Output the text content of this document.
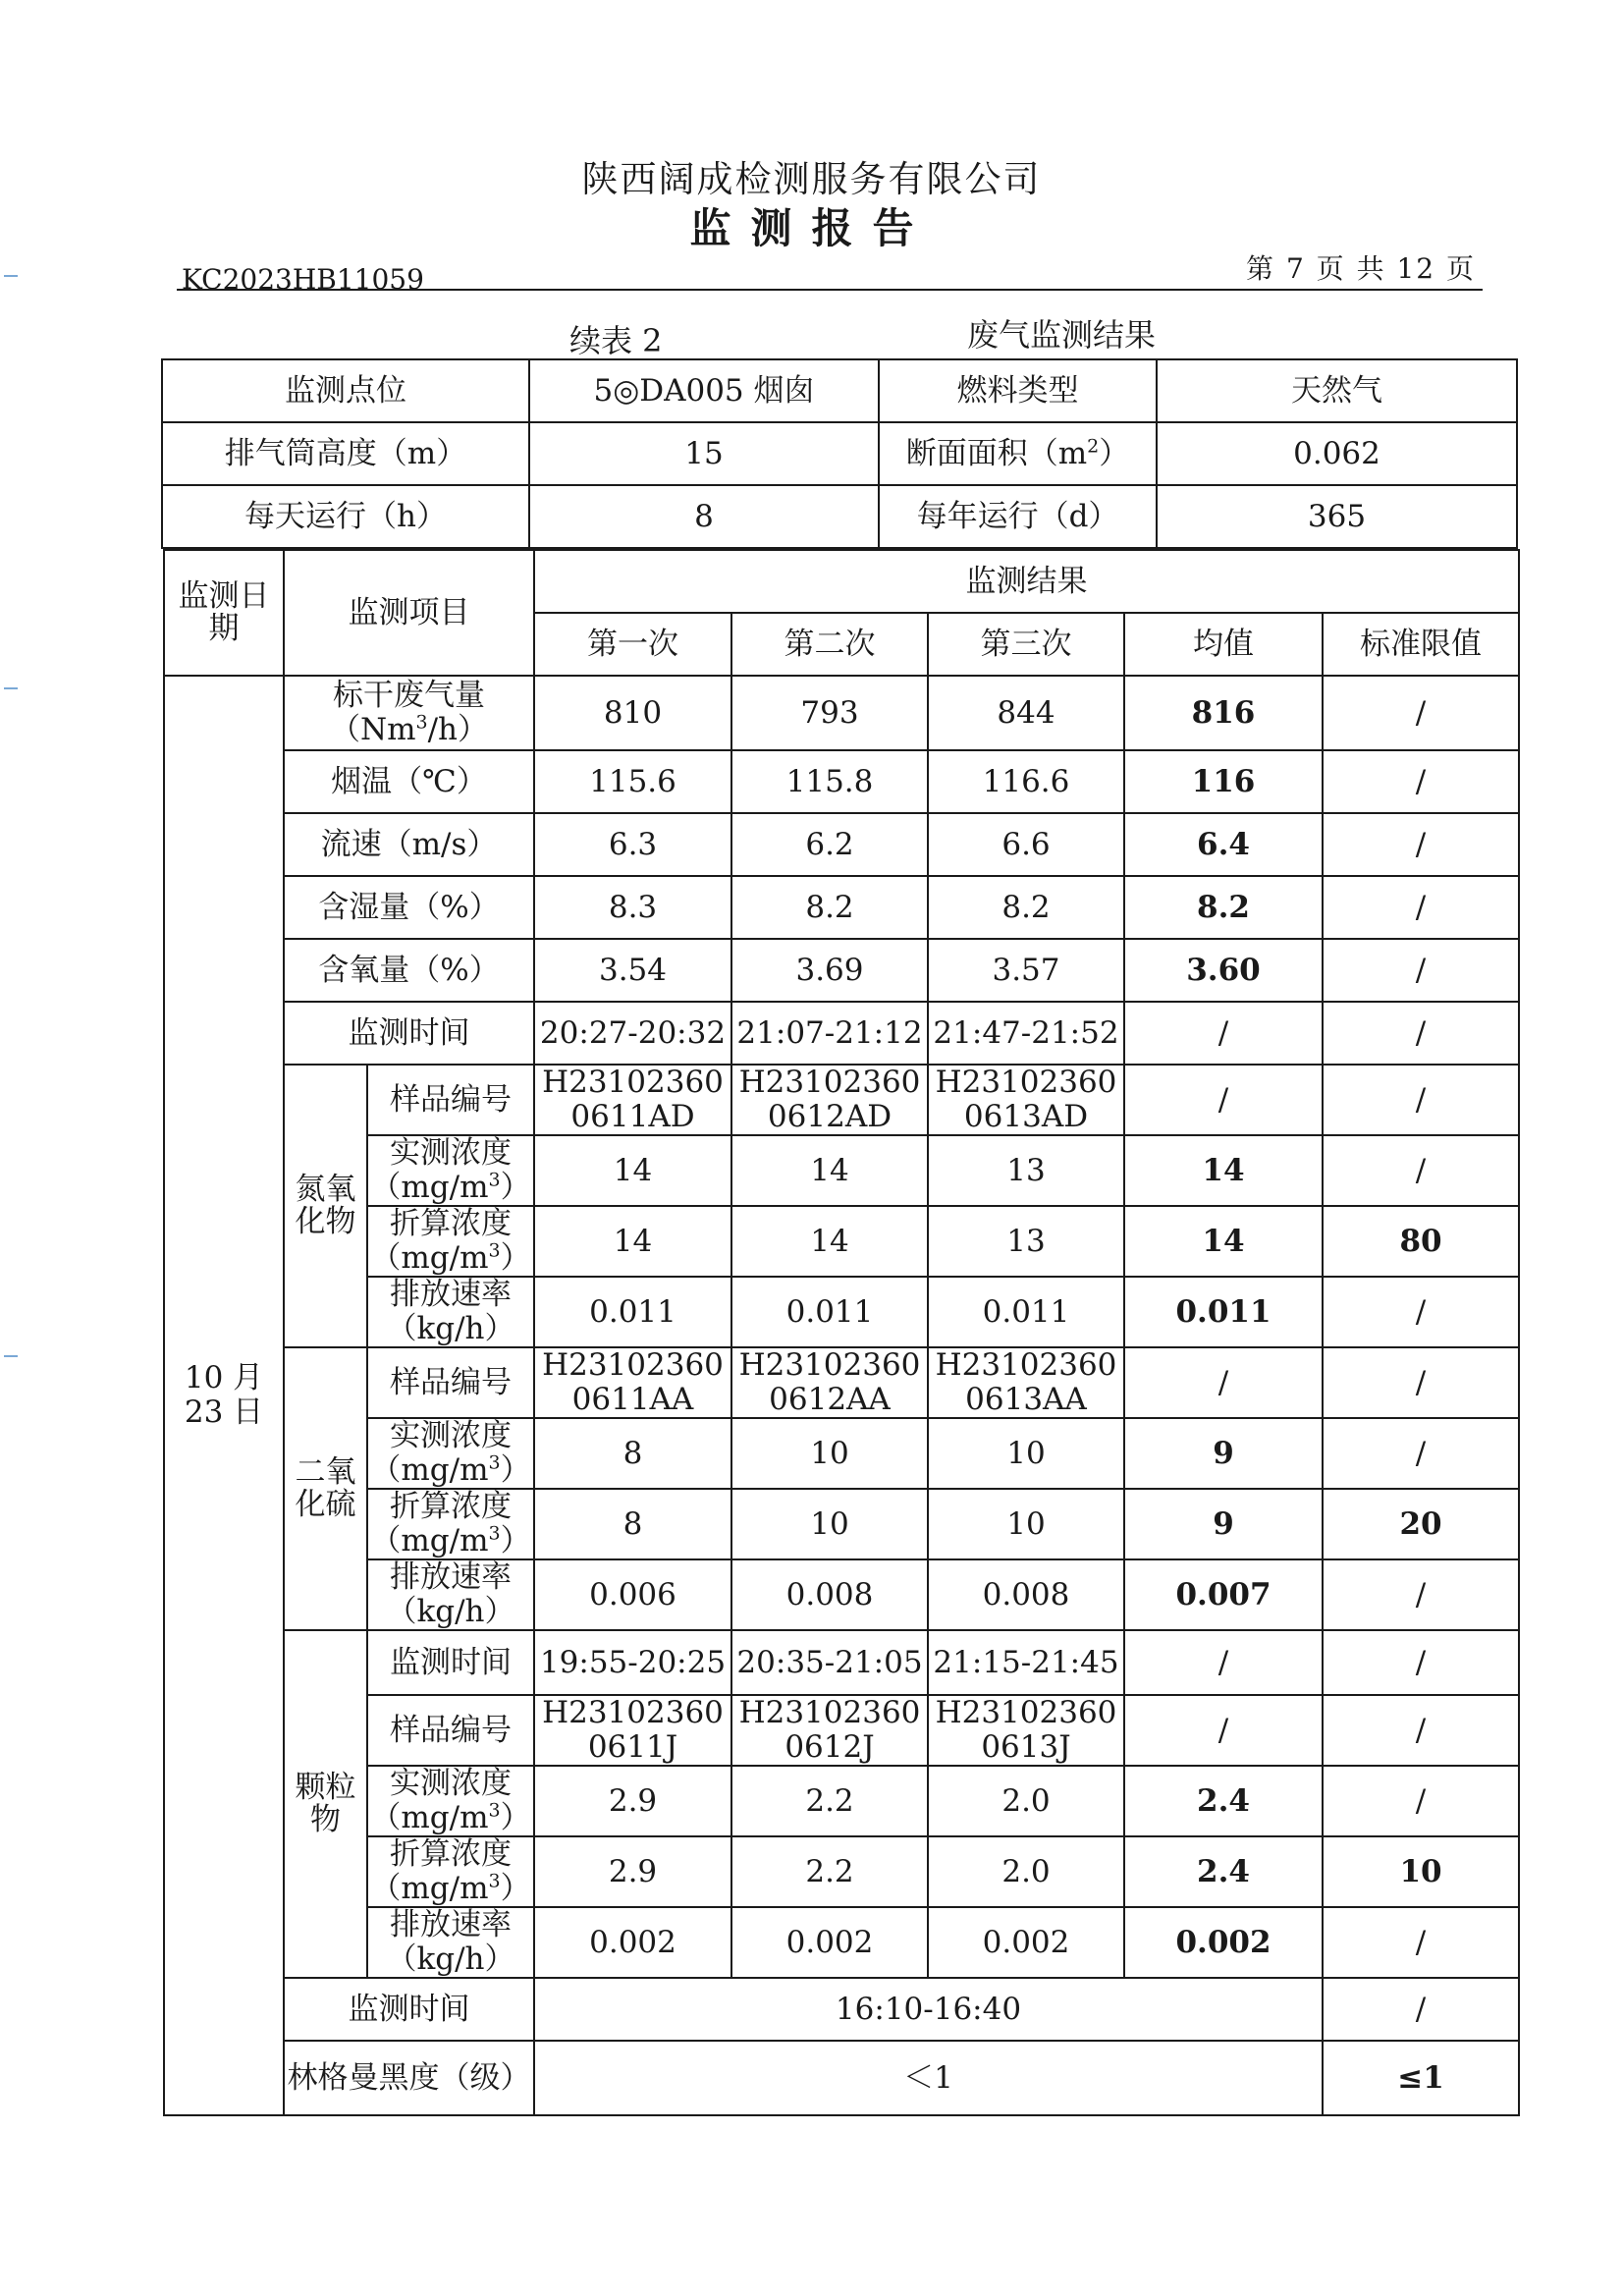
陕西阔成检测服务有限公司
监测报告
第 7 页 共 12 页
KC2023HB11059
续表 2	废气监测结果
监测点位	5◎DA005 烟囱	燃料类型	天然气
排气筒高度（m）	15	断面面积$(m^2)$	0.062
每天运行（h）	8	每年运行（d）	365
监测日期	监测项目		监测结果				
			第一次	第二次	第三次	均值	标准限值
10 月 23 日	标干废气量（Nm$^3$/h）		810	793	844	816	/
	烟温（℃）		115.6	115.8	116.6	116	/
	流速（m/s）		6.3	6.2	6.6	6.4	/
	含湿量（%）		8.3	8.2	8.2	8.2	/
	含氧量（%）		3.54	3.69	3.57	3.60	/
	监测时间		20:27-20:32	21:07-21:12	21:47-21:52	/	/
	氮氧化物	样品编号	H23102360 0611AD	H23102360 0612AD	H23102360 0613AD	/	/
		实测浓度$(mg/m^3)$	14	14	13	14	/
		折算浓度$(mg/m^3)$	14	14	13	14	80
		排放速率（kg/h）	0.011	0.011	0.011	0.011	/
	二氧化硫	样品编号	H23102360 0611AA	H23102360 0612AA	H23102360 0613AA	/	/
		实测浓度$(mg/m^3)$	8	10	10	9	/
		折算浓度$(mg/m^3)$	8	10	10	9	20
		排放速率（kg/h）	0.006	0.008	0.008	0.007	/
	颗粒物	监测时间	19:55-20:25	20:35-21:05	21:15-21:45	/	/
		样品编号	H23102360 0611J	H23102360 0612J	H23102360 0613J	/	/
		实测浓度$(mg/m^3)$	2.9	2.2	2.0	2.4	/
		折算浓度$(mg/m^3)$	2.9	2.2	2.0	2.4	10
		排放速率（kg/h）	0.002	0.002	0.002	0.002	/
	监测时间		16:10-16:40				/
	林格曼黑度（级）		＜1				≤1
